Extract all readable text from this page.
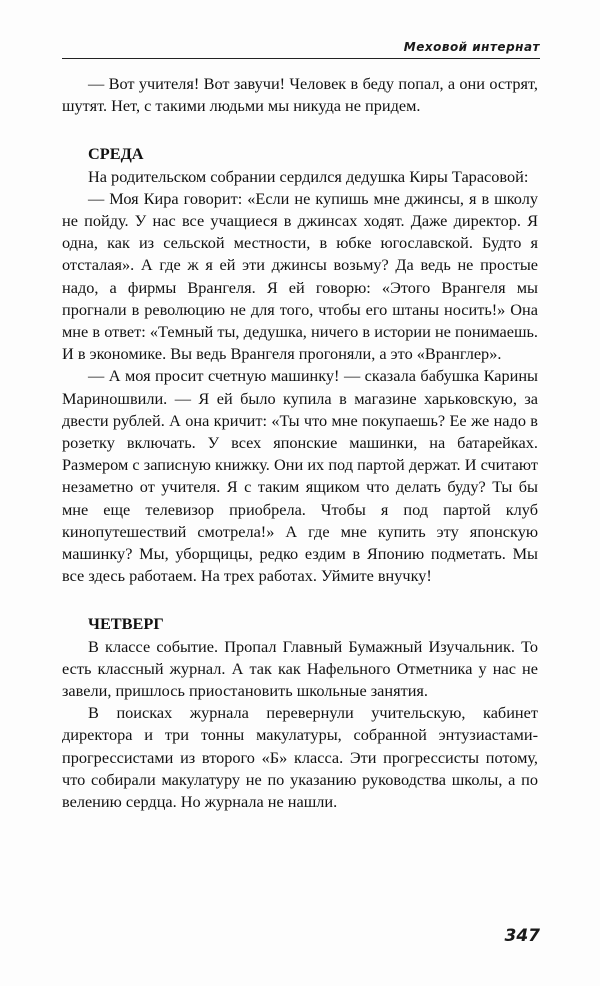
Меховой интернат

— Вот учителя! Вот завучи! Человек в беду попал, а они острят, шутят. Нет, с такими людьми мы никуда не придем.

СРЕДА

На родительском собрании сердился дедушка Киры Тарасовой:

— Моя Кира говорит: «Если не купишь мне джинсы, я в школу не пойду. У нас все учащиеся в джинсах ходят. Даже директор. Я одна, как из сельской местности, в юбке югославской. Будто я отсталая». А где ж я ей эти джинсы возьму? Да ведь не простые надо, а фирмы Врангеля. Я ей говорю: «Этого Врангеля мы прогнали в революцию не для того, чтобы его штаны носить!» Она мне в ответ: «Темный ты, дедушка, ничего в истории не понимаешь. И в экономике. Вы ведь Врангеля прогоняли, а это «Вранглер».

— А моя просит счетную машинку! — сказала бабушка Карины Мариношвили. — Я ей было купила в магазине харьковскую, за двести рублей. А она кричит: «Ты что мне покупаешь? Ее же надо в розетку включать. У всех японские машинки, на батарейках. Размером с записную книжку. Они их под партой держат. И считают незаметно от учителя. Я с таким ящиком что делать буду? Ты бы мне еще телевизор приобрела. Чтобы я под партой клуб кинопутешествий смотрела!» А где мне купить эту японскую машинку? Мы, уборщицы, редко ездим в Японию подметать. Мы все здесь работаем. На трех работах. Уймите внучку!

ЧЕТВЕРГ

В классе событие. Пропал Главный Бумажный Изучальник. То есть классный журнал. А так как Нафельного Отметника у нас не завели, пришлось приостановить школьные занятия.

В поисках журнала перевернули учительскую, кабинет директора и три тонны макулатуры, собранной энтузиастами-прогрессистами из второго «Б» класса. Эти прогрессисты потому, что собирали макулатуру не по указанию руководства школы, а по велению сердца. Но журнала не нашли.

347
